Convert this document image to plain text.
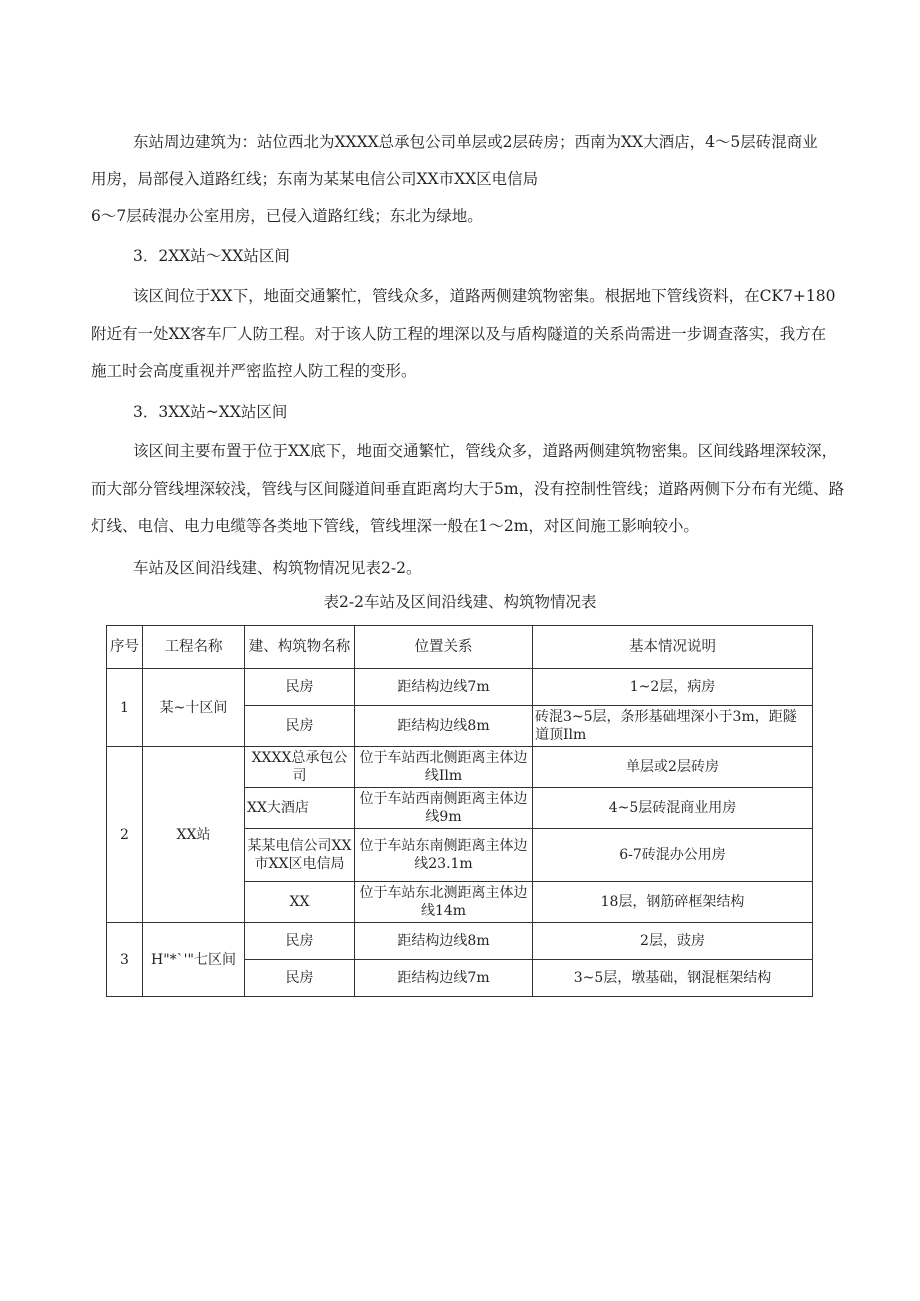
东站周边建筑为：站位西北为XXXX总承包公司单层或2层砖房；西南为XX大酒店，4～5层砖混商业

用房，局部侵入道路红线；东南为某某电信公司XX市XX区电信局

6～7层砖混办公室用房，已侵入道路红线；东北为绿地。

3．2XX站～XX站区间

该区间位于XX下，地面交通繁忙，管线众多，道路两侧建筑物密集。根据地下管线资料，在CK7+180

附近有一处XX客车厂人防工程。对于该人防工程的埋深以及与盾构隧道的关系尚需进一步调查落实，我方在

施工时会高度重视并严密监控人防工程的变形。

3．3XX站~XX站区间

该区间主要布置于位于XX底下，地面交通繁忙，管线众多，道路两侧建筑物密集。区间线路埋深较深，

而大部分管线埋深较浅，管线与区间隧道间垂直距离均大于5m，没有控制性管线；道路两侧下分布有光缆、路

灯线、电信、电力电缆等各类地下管线，管线埋深一般在1～2m，对区间施工影响较小。

车站及区间沿线建、构筑物情况见表2-2。

表2-2车站及区间沿线建、构筑物情况表
序号	工程名称	建、构筑物名称	位置关系	基本情况说明
1	某~十区间	民房	距结构边线7m	1~2层，病房
		民房	距结构边线8m	砖混3~5层，条形基础埋深小于3m，距隧道顶Ilm
2	XX站	XXXX总承包公司	位于车站西北侧距离主体边线Ilm	单层或2层砖房
		XX大酒店	位于车站西南侧距离主体边线9m	4~5层砖混商业用房
		某某电信公司XX市XX区电信局	位于车站东南侧距离主体边线23.1m	6-7砖混办公用房
		XX	位于车站东北测距离主体边线14m	18层，钢筋碎框架结构
3	H"*`'"七区间	民房	距结构边线8m	2层，豉房
		民房	距结构边线7m	3~5层，墩基础，钢混框架结构
